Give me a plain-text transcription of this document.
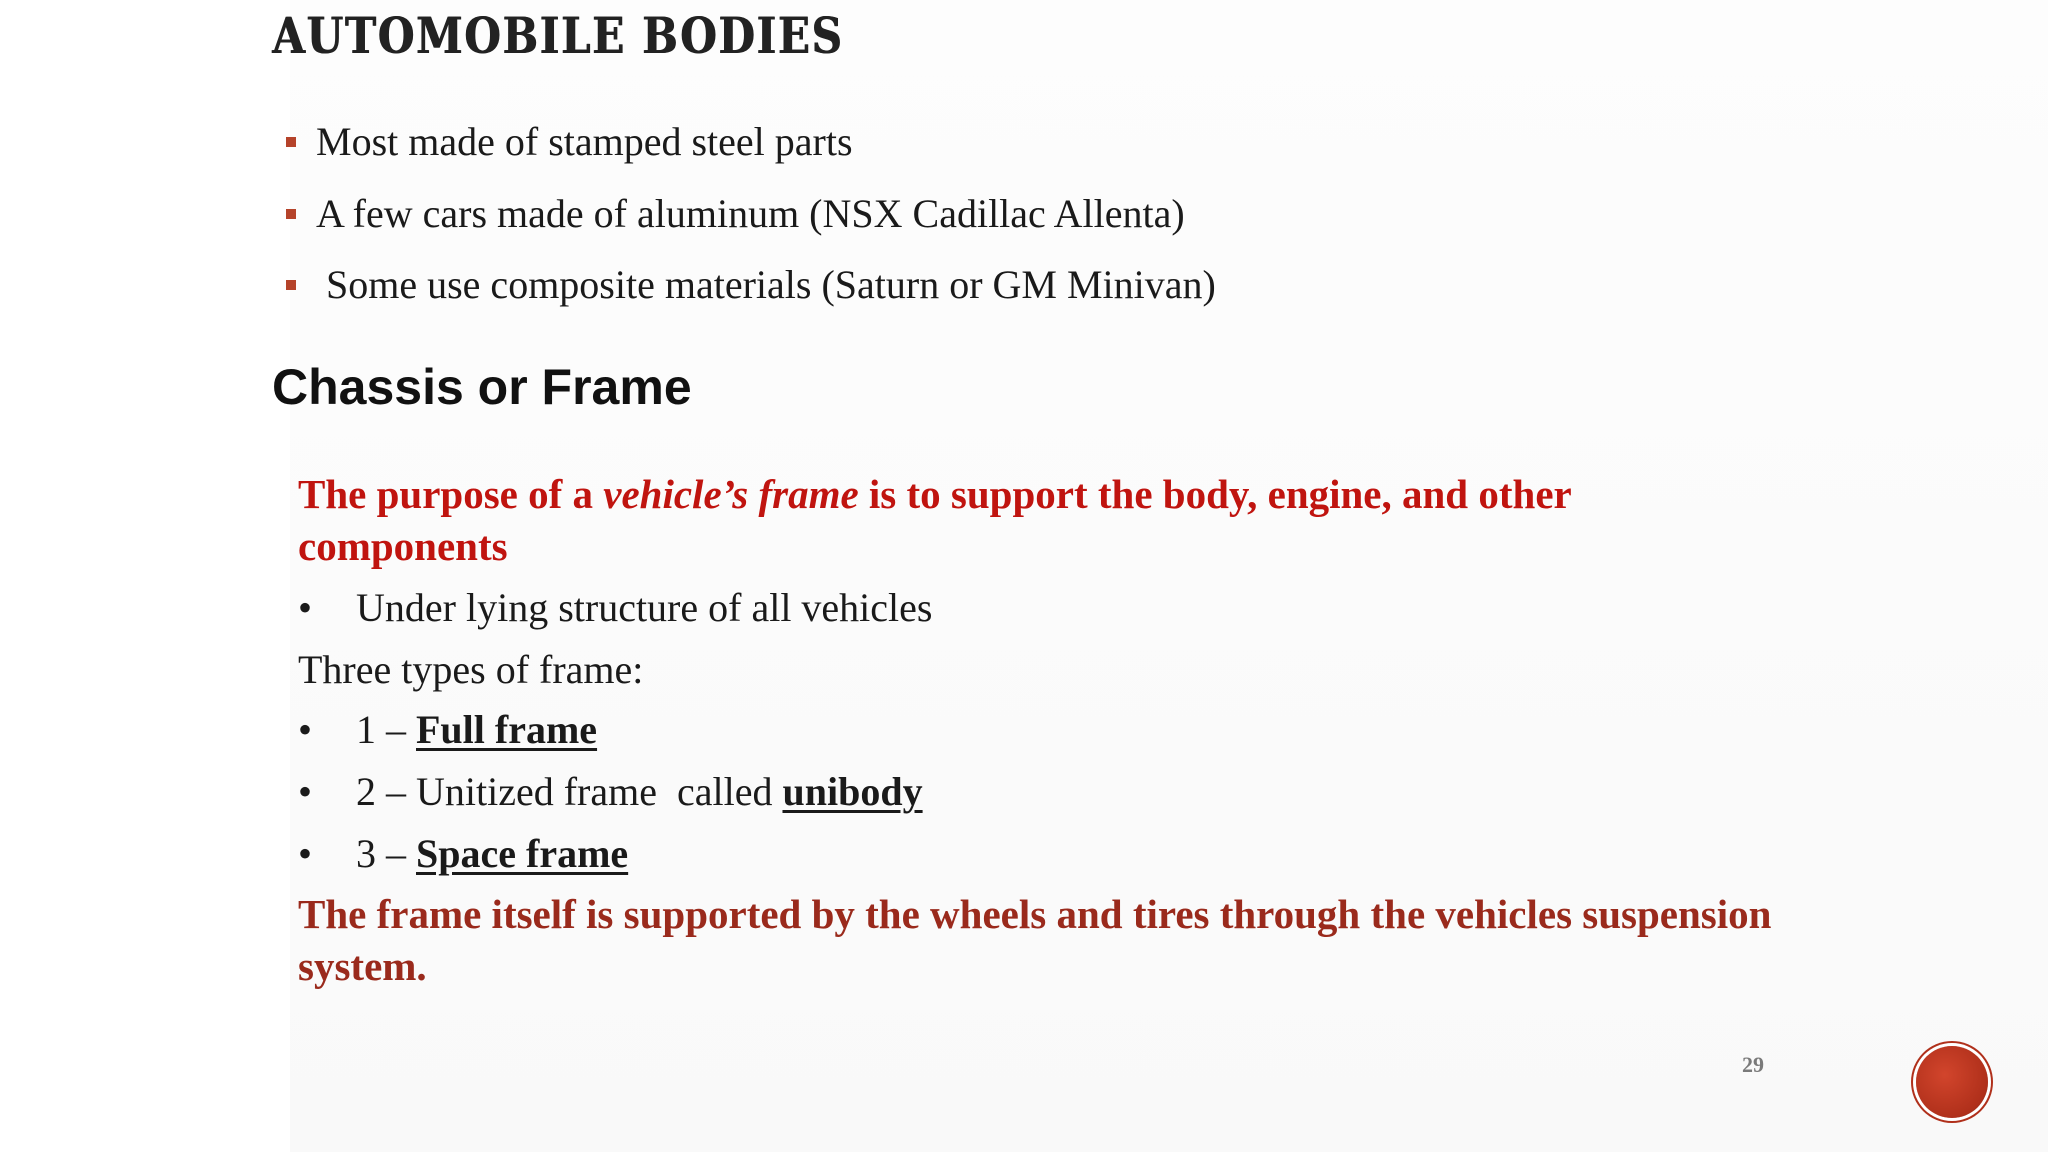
AUTOMOBILE BODIES
Most made of stamped steel parts
A few cars made of aluminum (NSX Cadillac Allenta)
Some use composite materials (Saturn or GM Minivan)
Chassis or Frame
The purpose of a vehicle’s frame is to support the body, engine, and other components
• Under lying structure of all vehicles
Three types of frame:
• 1 – Full frame
• 2 – Unitized frame  called unibody
• 3 – Space frame
The frame itself is supported by the wheels and tires through the vehicles suspension system.
29
